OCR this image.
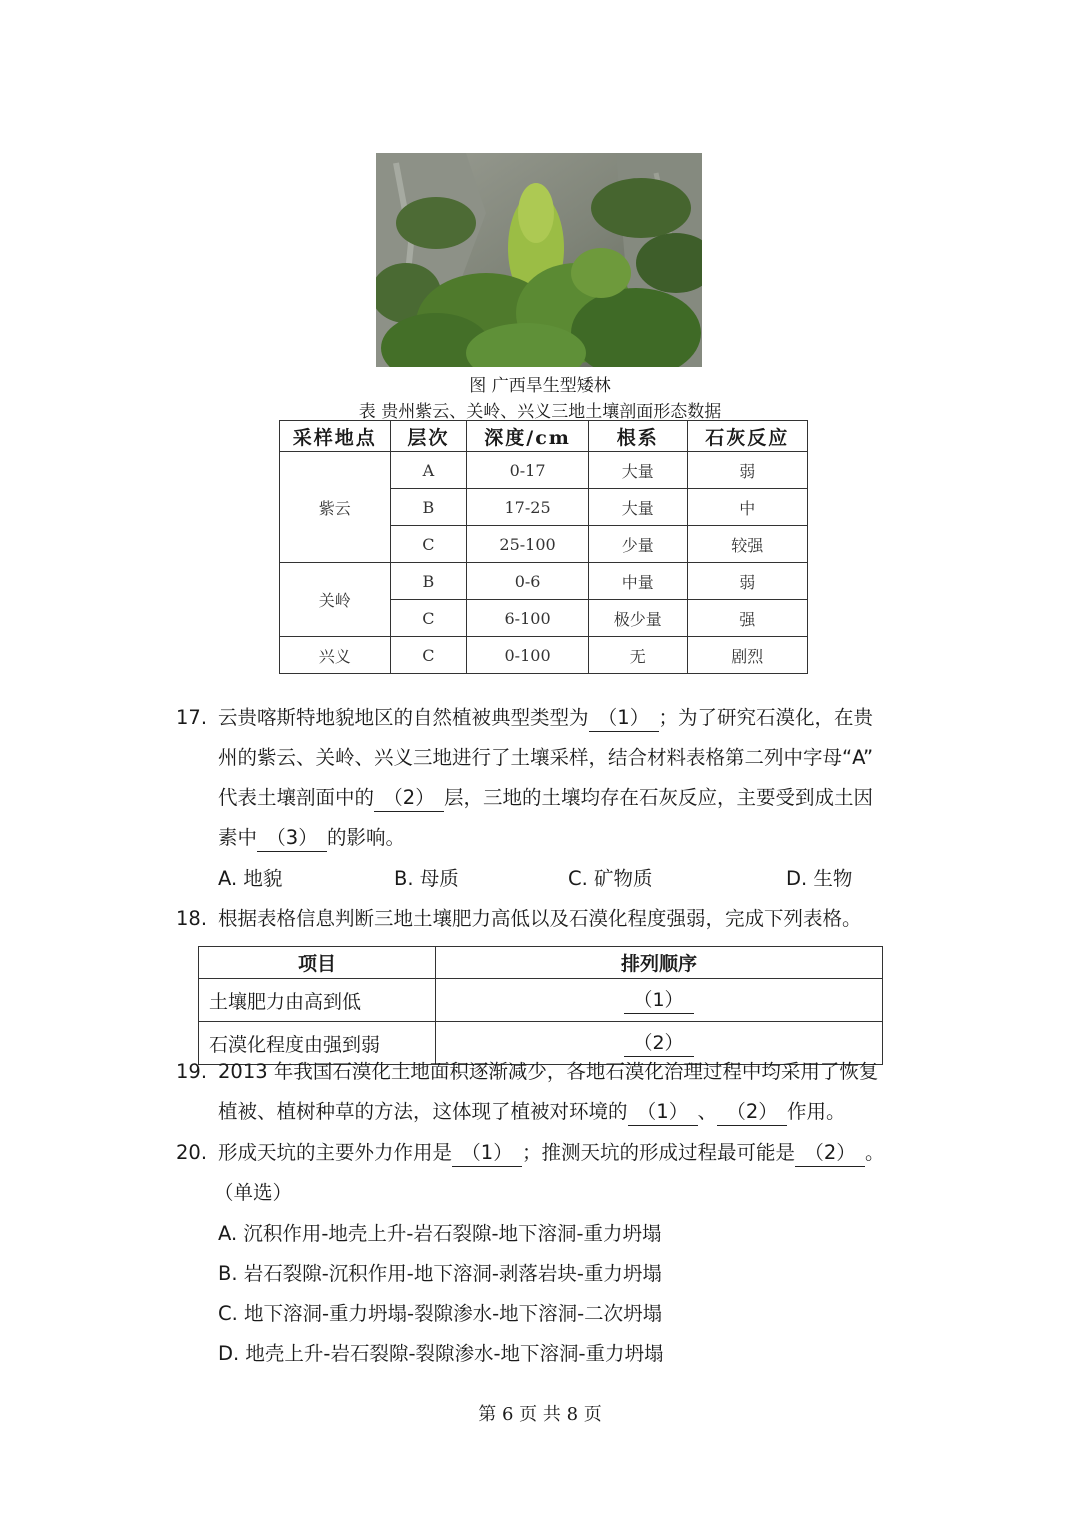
图 广西旱生型矮林
表 贵州紫云、关岭、兴义三地土壤剖面形态数据
采样地点	层次	深度/cm	根系	石灰反应
紫云	A	0-17	大量	弱
	B	17-25	大量	中
	C	25-100	少量	较强
关岭	B	0-6	中量	弱
	C	6-100	极少量	强
兴义	C	0-100	无	剧烈
17. 云贵喀斯特地貌地区的自然植被典型类型为 （1） ；为了研究石漠化，在贵
州的紫云、关岭、兴义三地进行了土壤采样，结合材料表格第二列中字母“A”
代表土壤剖面中的 （2） 层，三地的土壤均存在石灰反应，主要受到成土因
素中 （3） 的影响。
A. 地貌	B. 母质	C. 矿物质	D. 生物
18. 根据表格信息判断三地土壤肥力高低以及石漠化程度强弱，完成下列表格。
项目	排列顺序
土壤肥力由高到低	（1）
石漠化程度由强到弱	（2）
19. 2013 年我国石漠化土地面积逐渐减少，各地石漠化治理过程中均采用了恢复
植被、植树种草的方法，这体现了植被对环境的 （1） 、 （2） 作用。
20. 形成天坑的主要外力作用是 （1） ；推测天坑的形成过程最可能是 （2） 。
（单选）
A. 沉积作用-地壳上升-岩石裂隙-地下溶洞-重力坍塌
B. 岩石裂隙-沉积作用-地下溶洞-剥落岩块-重力坍塌
C. 地下溶洞-重力坍塌-裂隙渗水-地下溶洞-二次坍塌
D. 地壳上升-岩石裂隙-裂隙渗水-地下溶洞-重力坍塌
第 6 页 共 8 页
